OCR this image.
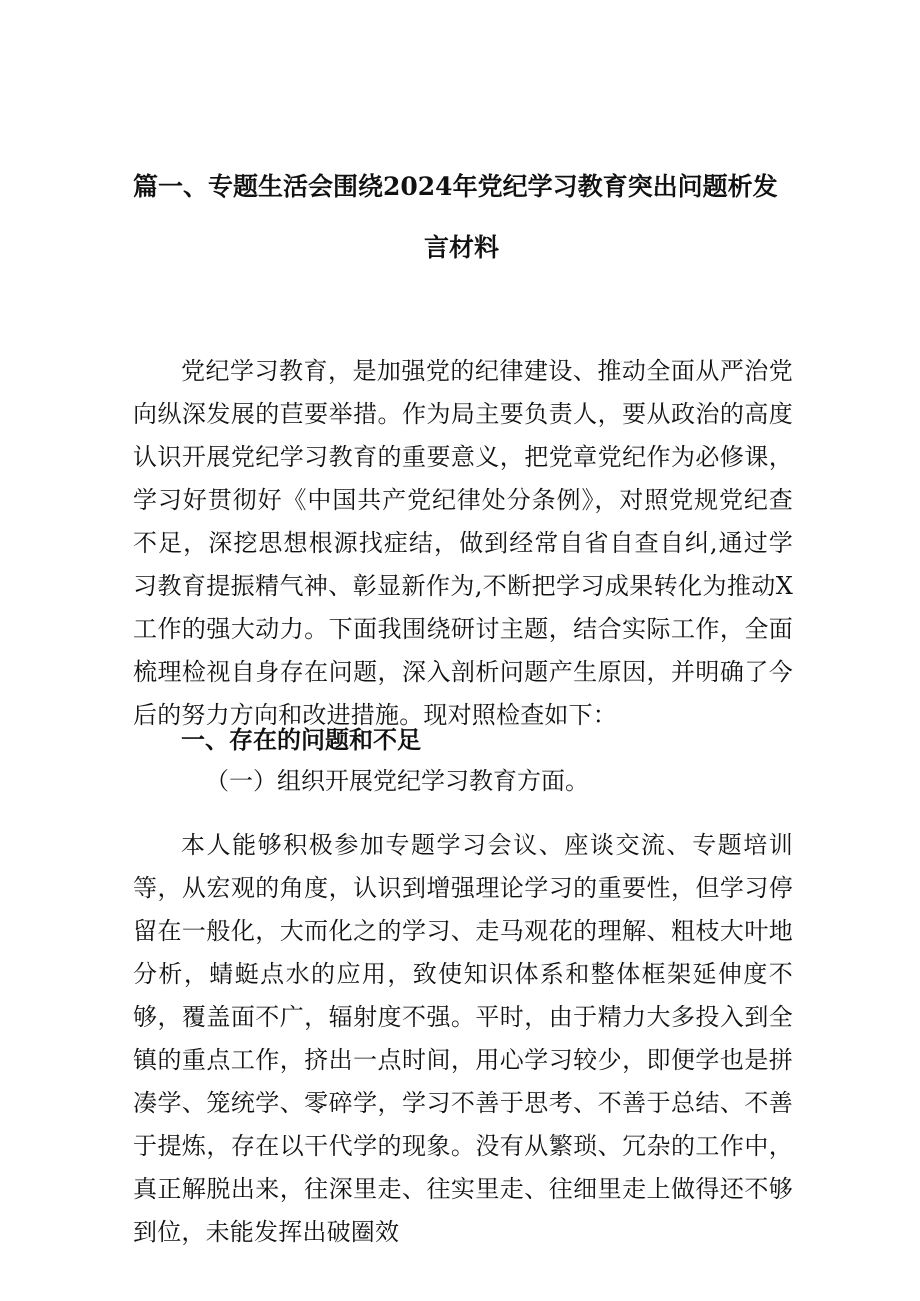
篇一、专题生活会围绕2024年党纪学习教育突出问题析发
言材料

党纪学习教育，是加强党的纪律建设、推动全面从严治党向纵深发展的苣要举措。作为局主要负责人，要从政治的高度认识开展党纪学习教育的重要意义，把党章党纪作为必修课，学习好贯彻好《中国共产党纪律处分条例》，对照党规党纪查不足，深挖思想根源找症结，做到经常自省自查自纠,通过学习教育提振精气神、彰显新作为,不断把学习成果转化为推动X工作的强大动力。下面我围绕研讨主题，结合实际工作，全面梳理检视自身存在问题，深入剖析问题产生原因，并明确了今后的努力方向和改进措施。现对照检查如下：

一、存在的问题和不足
（一）组织开展党纪学习教育方面。

本人能够积极参加专题学习会议、座谈交流、专题培训等，从宏观的角度，认识到增强理论学习的重要性，但学习停留在一般化，大而化之的学习、走马观花的理解、粗枝大叶地分析，蜻蜓点水的应用，致使知识体系和整体框架延伸度不够，覆盖面不广，辐射度不强。平时，由于精力大多投入到全镇的重点工作，挤出一点时间，用心学习较少，即便学也是拼凑学、笼统学、零碎学，学习不善于思考、不善于总结、不善于提炼，存在以干代学的现象。没有从繁琐、冗杂的工作中，真正解脱出来，往深里走、往实里走、往细里走上做得还不够到位，未能发挥出破圈效
